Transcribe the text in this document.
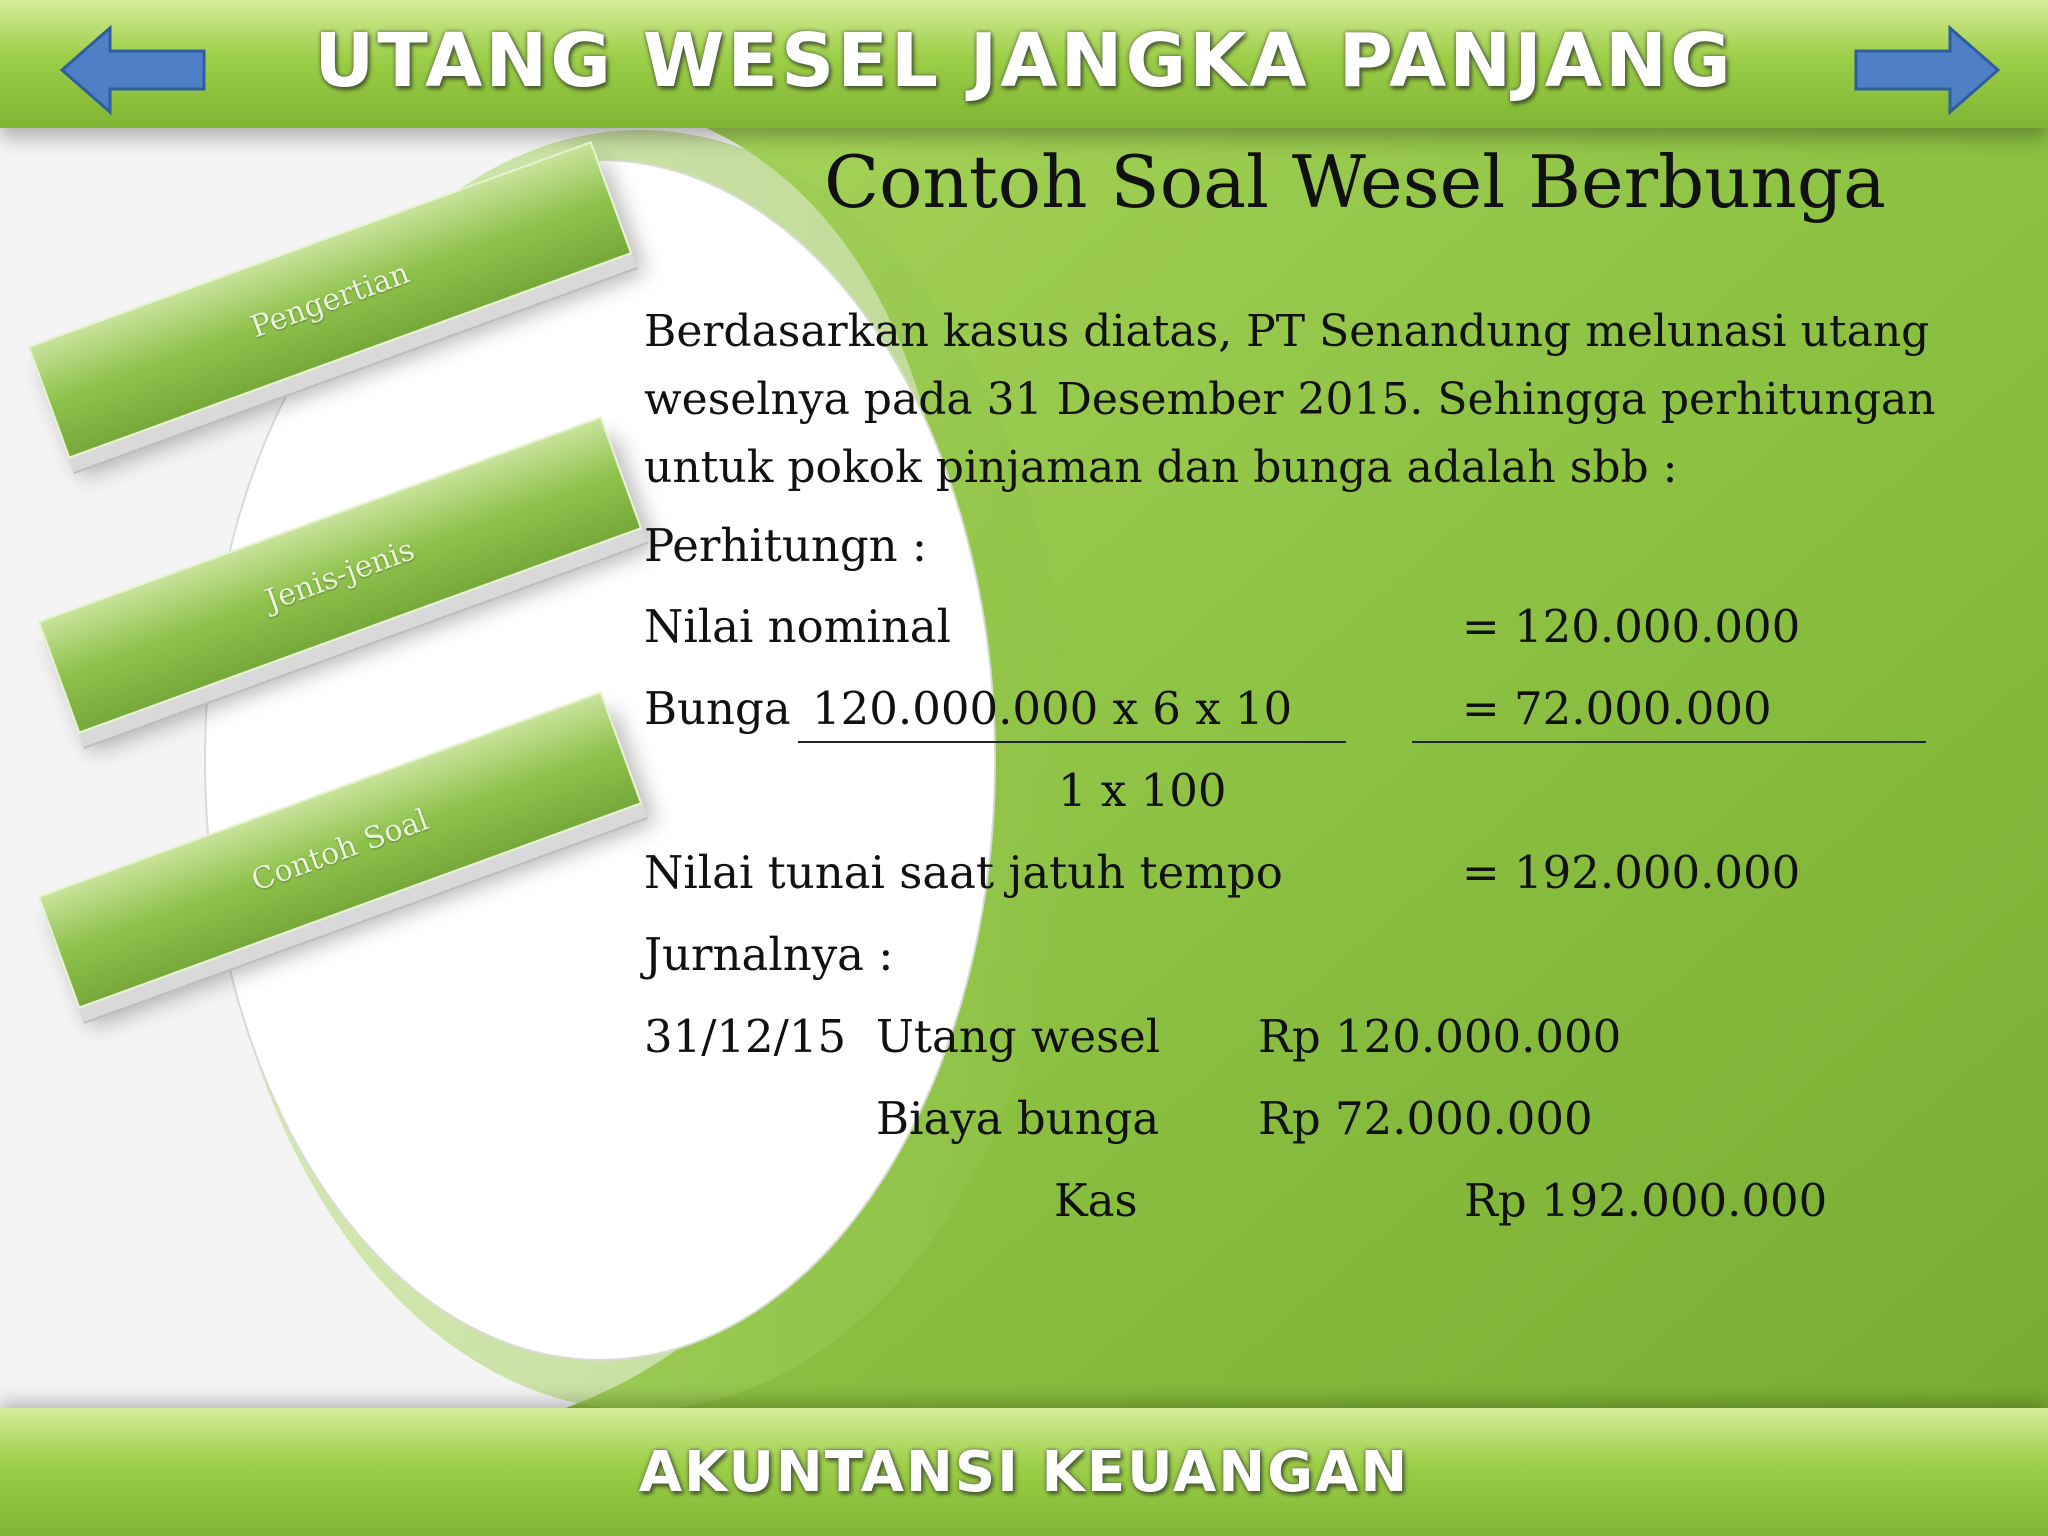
UTANG WESEL JANGKA PANJANG
Pengertian
Jenis-jenis
Contoh Soal
Contoh Soal Wesel Berbunga
Berdasarkan kasus diatas, PT Senandung melunasi utang weselnya pada 31 Desember 2015. Sehingga perhitungan untuk pokok pinjaman dan bunga adalah sbb :
Perhitungn :
Nilai nominal	= 120.000.000
Bunga 120.000.000 x 6 x 10	= 72.000.000
1 x 100
Nilai tunai saat jatuh tempo	= 192.000.000
Jurnalnya :
31/12/15 Utang wesel Rp 120.000.000
Biaya bunga Rp 72.000.000
Kas	Rp 192.000.000
AKUNTANSI KEUANGAN
